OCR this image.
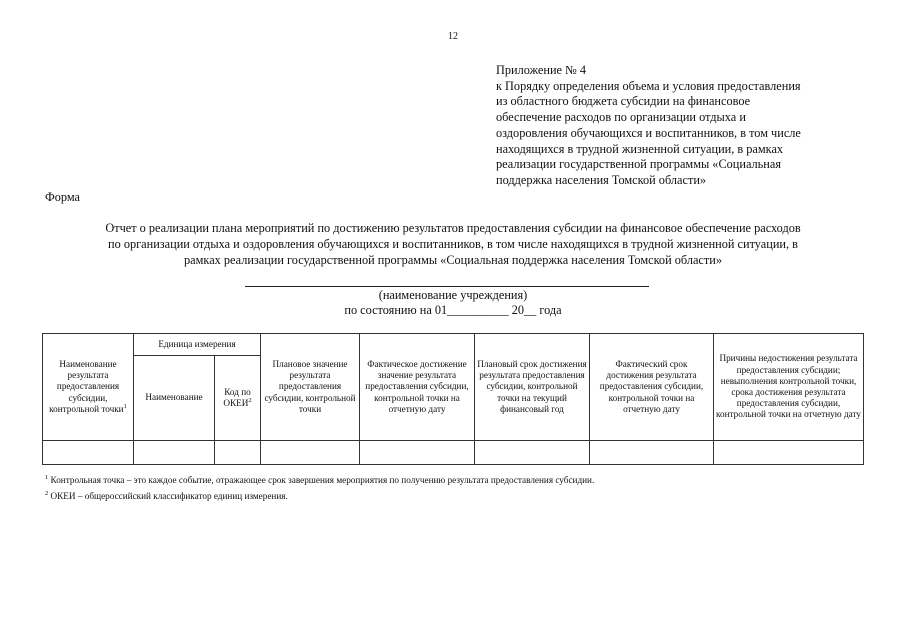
12
Приложение № 4
к Порядку определения объема и условия предоставления
из областного бюджета субсидии на финансовое
обеспечение расходов по организации отдыха и
оздоровления обучающихся и воспитанников, в том числе
находящихся в трудной жизненной ситуации, в рамках
реализации государственной программы «Социальная
поддержка населения Томской области»
Форма
Отчет о реализации плана мероприятий по достижению результатов предоставления субсидии на финансовое обеспечение расходов
по организации отдыха и оздоровления обучающихся и воспитанников, в том числе находящихся в трудной жизненной ситуации, в
рамках реализации государственной программы «Социальная поддержка населения Томской области»
(наименование учреждения)
по состоянию на 01__________ 20__ года
Наименование результата предоставления субсидии, контрольной точки$^1$	Единица измерения		Плановое значение результата предоставления субсидии, контрольной точки	Фактическое достижение значение результата предоставления субсидии, контрольной точки на отчетную дату	Плановый срок достижения результата предоставления субсидии, контрольной точки на текущий финансовый год	Фактический срок достижения результата предоставления субсидии, контрольной точки на отчетную дату	Причины недостижения результата предоставления субсидии; невыполнения контрольной точки, срока достижения результата предоставления субсидии, контрольной точки на отчетную дату
	Наименование	Код по ОКЕИ$^2$

$^1$ Контрольная точка – это каждое событие, отражающее срок завершения мероприятия по получению результата предоставления субсидии.
$^2$ ОКЕИ – общероссийский классификатор единиц измерения.
